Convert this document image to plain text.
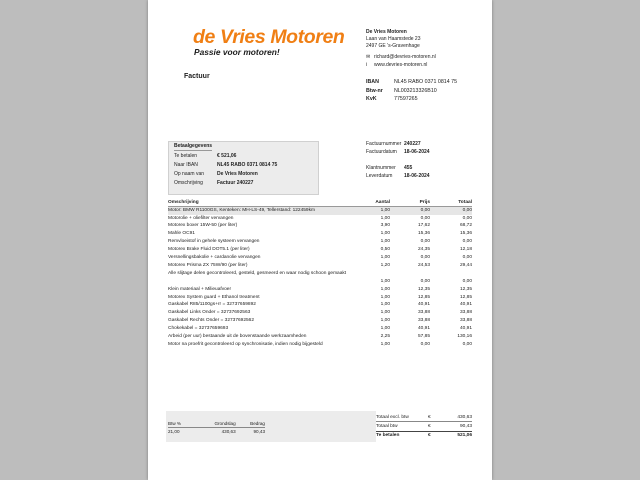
de Vries Motoren
Passie voor motoren!
De Vries Motoren
Laan van Haamstede 23
2497 GE 's-Gravenhage
✉ richard@devries-motoren.nl
i	www.devries-motoren.nl
IBAN	NL45 RABO 0371 0814 75
Btw-nr	NL003213326B10
KvK	77597265
Factuur
Betaalgegevens
Te betalen	€ 521,06
Naar IBAN	NL45 RABO 0371 0814 75
Op naam van	De Vries Motoren
Omschrijving	Factuur 240227
Factuurnummer 240227
Factuurdatum	18-06-2024
Klantnummer	455
Leverdatum	18-06-2024
Omschrijving	Aantal	Prijs	Totaal
Motor: BMW R1100GS, Kenteken: MH-LS-49, Tellerstand: 122459km	1,00	0,00	0,00
Motorolie + oliefilter vervangen	1,00	0,00	0,00
Motorex boxer 15W-50 (per liter)	3,90	17,62	68,72
Mahle OC91	1,00	15,36	15,36
Remvloeistof in gehele systeem vervangen	1,00	0,00	0,00
Motorex Brake Fluid DOT5.1 (per liter)	0,50	24,35	12,18
Versnellingsbakolie + cardanolie vervangen	1,00	0,00	0,00
Motorex Prisma ZX 75W/90 (per liter)	1,20	24,53	29,44
Alle slijtage delen gecontroleerd, gesteld, gesmeerd en waar nodig schoon gemaakt	1,00	0,00	0,00
Klein materiaal + Milieuafvoer	1,00	12,35	12,35
Motorex System guard + Ethanol treatment	1,00	12,85	12,85
Gaskabel R85/1100gs+rr = 32737659892	1,00	40,91	40,91
Gaskabel Links Onder = 32737692563	1,00	33,88	33,88
Gaskabel Rechts Onder = 32737692562	1,00	33,88	33,88
Chokekabel = 32737659693	1,00	40,91	40,91
Arbeid (per uur) bestaande uit de bovenstaande werkzaamheden	2,25	57,85	130,16
Motor na proefrit gecontroleerd op synchronisatie, indien nodig bijgesteld	1,00	0,00	0,00
Btw %	Grondslag	Bedrag
21,00	430,63	90,43
Totaal excl. btw	€	430,63
Totaal btw	€	90,43
Te betalen	€	521,06
